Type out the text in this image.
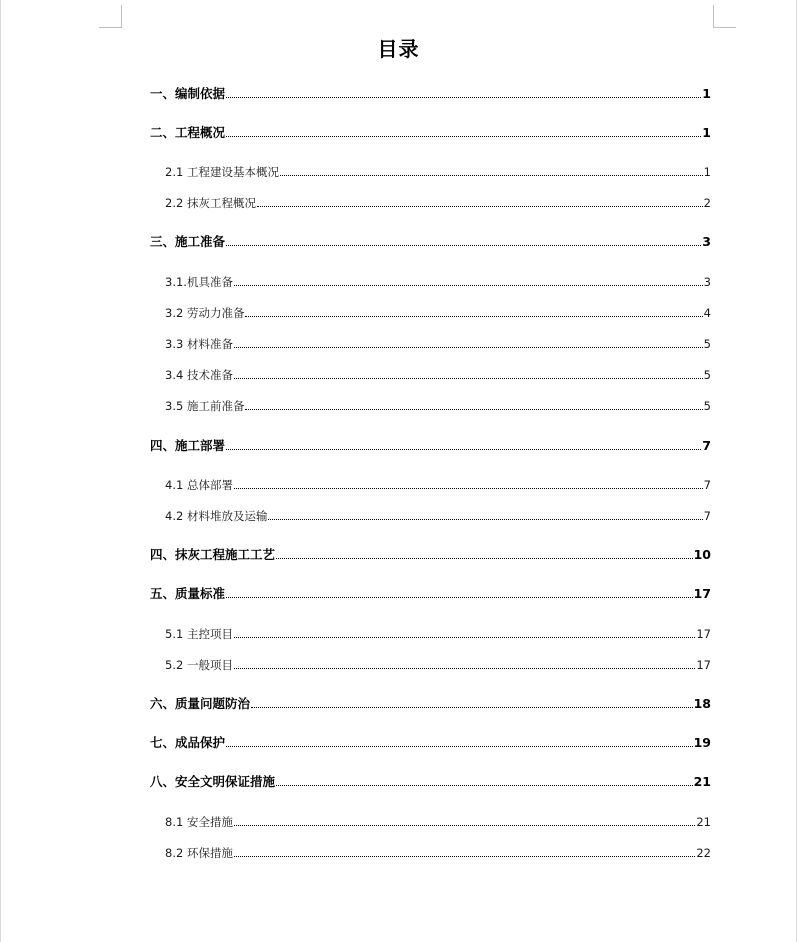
目录
一、编制依据	1
二、工程概况	1
2.1 工程建设基本概况	1
2.2 抹灰工程概况	2
三、施工准备	3
3.1.机具准备	3
3.2 劳动力准备	4
3.3 材料准备	5
3.4 技术准备	5
3.5 施工前准备	5
四、施工部署	7
4.1 总体部署	7
4.2 材料堆放及运输	7
四、抹灰工程施工工艺	10
五、质量标准	17
5.1 主控项目	17
5.2 一般项目	17
六、质量问题防治	18
七、成品保护	19
八、安全文明保证措施	21
8.1 安全措施	21
8.2 环保措施	22
